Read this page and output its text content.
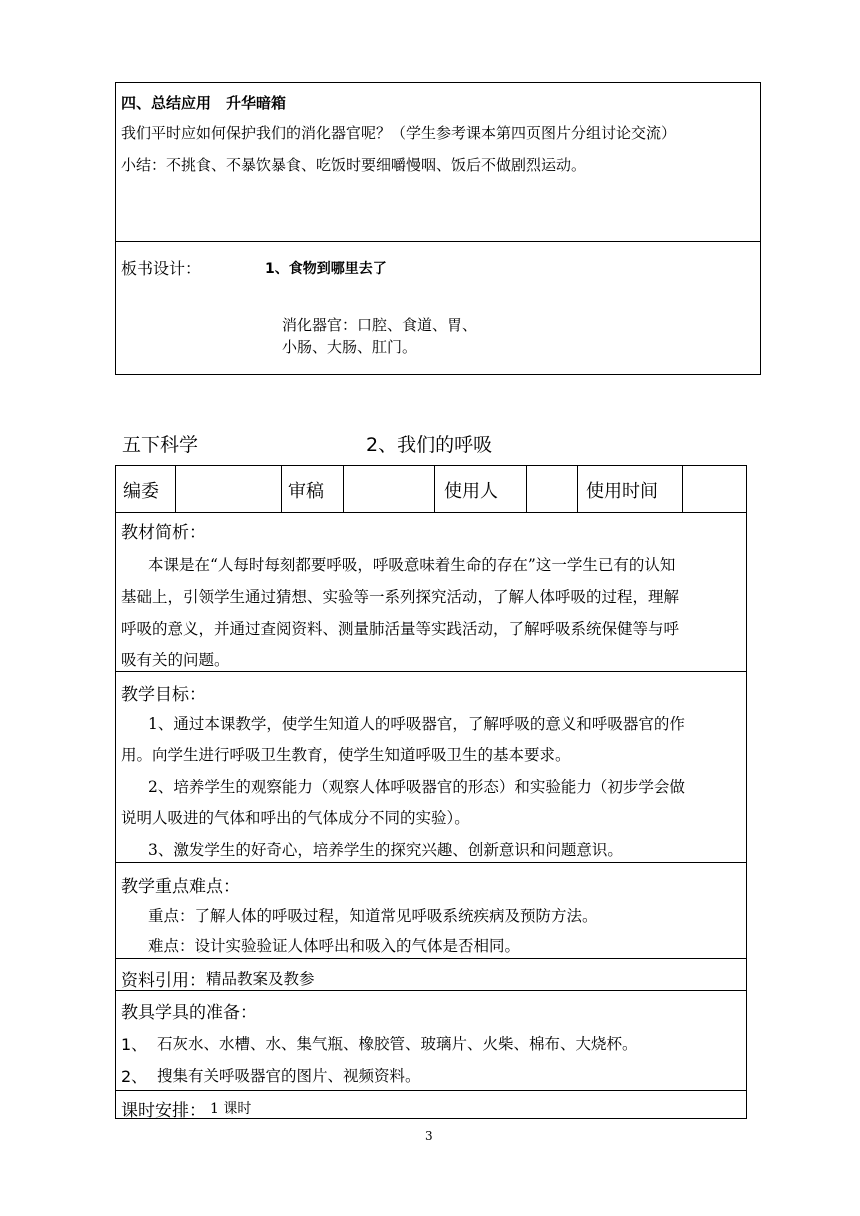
四、总结应用　升华暗箱
我们平时应如何保护我们的消化器官呢？（学生参考课本第四页图片分组讨论交流）
小结：不挑食、不暴饮暴食、吃饭时要细嚼慢咽、饭后不做剧烈运动。
板书设计：	1、食物到哪里去了
消化器官：口腔、食道、胃、
小肠、大肠、肛门。
五下科学	2、我们的呼吸
编委	审稿	使用人	使用时间
教材简析：
本课是在“人每时每刻都要呼吸，呼吸意味着生命的存在”这一学生已有的认知
基础上，引领学生通过猜想、实验等一系列探究活动，了解人体呼吸的过程，理解
呼吸的意义，并通过查阅资料、测量肺活量等实践活动，了解呼吸系统保健等与呼
吸有关的问题。
教学目标：
1、通过本课教学，使学生知道人的呼吸器官，了解呼吸的意义和呼吸器官的作
用。向学生进行呼吸卫生教育，使学生知道呼吸卫生的基本要求。
2、培养学生的观察能力（观察人体呼吸器官的形态）和实验能力（初步学会做
说明人吸进的气体和呼出的气体成分不同的实验）。
3、激发学生的好奇心，培养学生的探究兴趣、创新意识和问题意识。
教学重点难点：
重点：了解人体的呼吸过程，知道常见呼吸系统疾病及预防方法。
难点：设计实验验证人体呼出和吸入的气体是否相同。
资料引用： 精品教案及教参
教具学具的准备：
1、 石灰水、水槽、水、集气瓶、橡胶管、玻璃片、火柴、棉布、大烧杯。
2、 搜集有关呼吸器官的图片、视频资料。
课时安排： 1 课时
3
